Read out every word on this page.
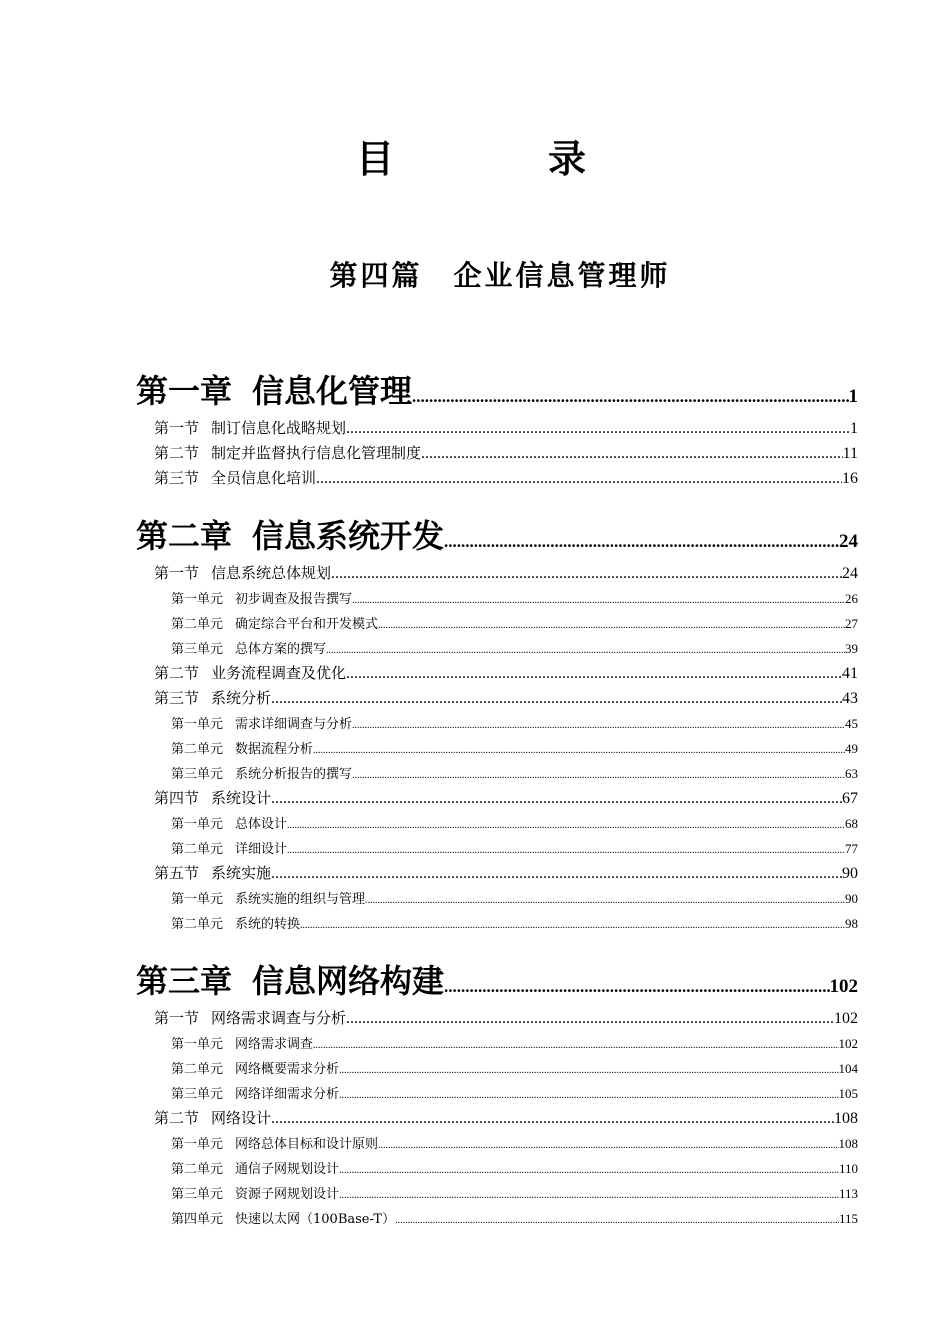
目　录
第四篇　企业信息管理师
第一章 信息化管理 .....	1
第一节 制订信息化战略规划 .....	1
第二节 制定并监督执行信息化管理制度 .....	11
第三节 全员信息化培训 .....	16
第二章 信息系统开发 .....	24
第一节 信息系统总体规划 .....	24
第一单元 初步调查及报告撰写 .....	26
第二单元 确定综合平台和开发模式 .....	27
第三单元 总体方案的撰写 .....	39
第二节 业务流程调查及优化 .....	41
第三节 系统分析 .....	43
第一单元 需求详细调查与分析 .....	45
第二单元 数据流程分析 .....	49
第三单元 系统分析报告的撰写 .....	63
第四节 系统设计 .....	67
第一单元 总体设计 .....	68
第二单元 详细设计 .....	77
第五节 系统实施 .....	90
第一单元 系统实施的组织与管理 .....	90
第二单元 系统的转换 .....	98
第三章 信息网络构建 .....	102
第一节 网络需求调查与分析 .....	102
第一单元 网络需求调查 .....	102
第二单元 网络概要需求分析 .....	104
第三单元 网络详细需求分析 .....	105
第二节 网络设计 .....	108
第一单元 网络总体目标和设计原则 .....	108
第二单元 通信子网规划设计 .....	110
第三单元 资源子网规划设计 .....	113
第四单元 快速以太网（100Base-T） .....	115
